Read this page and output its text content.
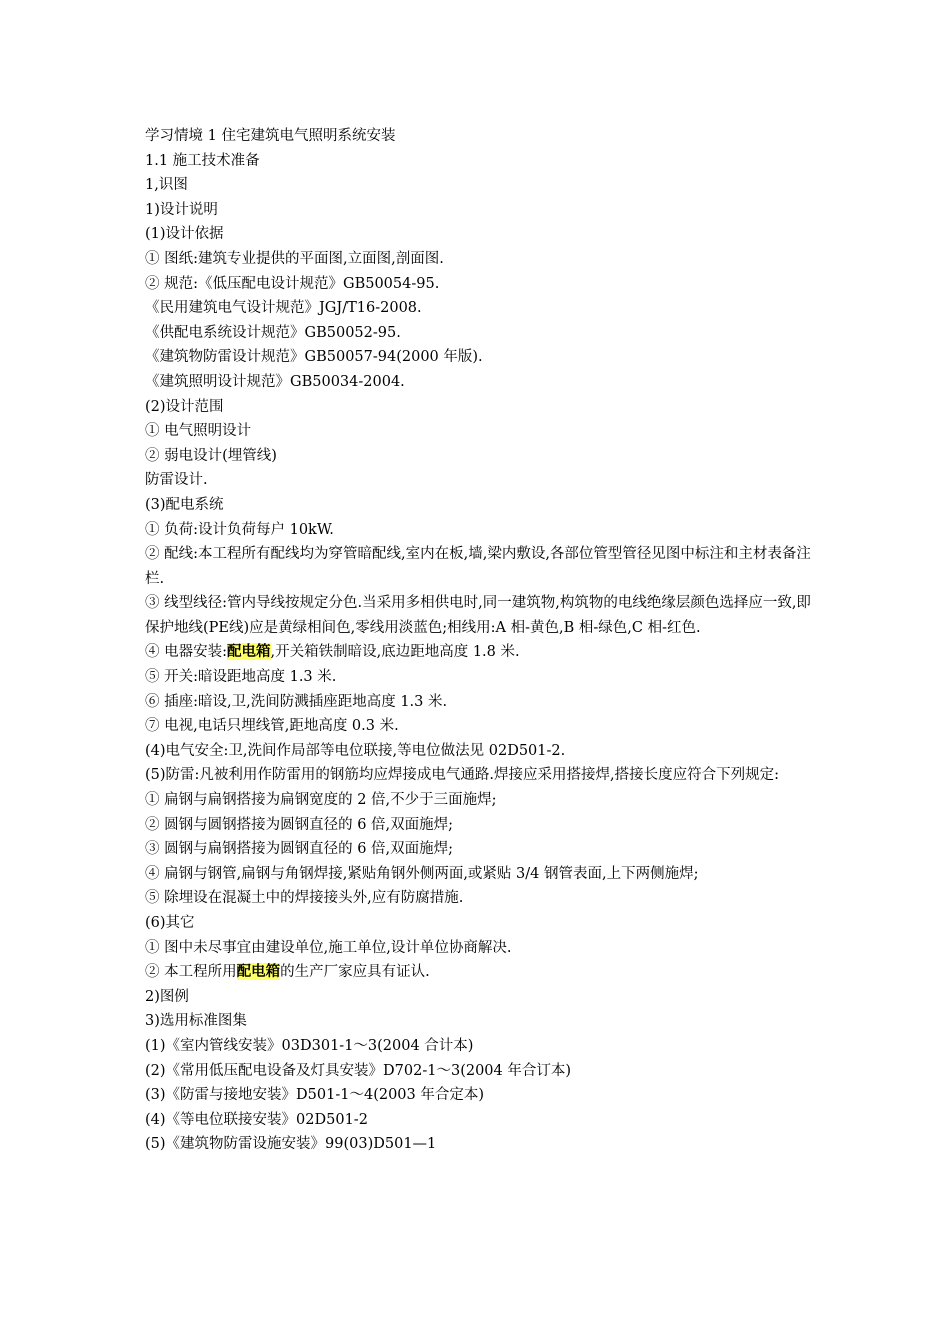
学习情境 1 住宅建筑电气照明系统安装
1.1 施工技术准备
1,识图
1)设计说明
(1)设计依据
① 图纸:建筑专业提供的平面图,立面图,剖面图.
② 规范:《低压配电设计规范》GB50054-95.
《民用建筑电气设计规范》JGJ/T16-2008.
《供配电系统设计规范》GB50052-95.
《建筑物防雷设计规范》GB50057-94(2000 年版).
《建筑照明设计规范》GB50034-2004.
(2)设计范围
① 电气照明设计
② 弱电设计(埋管线)
防雷设计.
(3)配电系统
① 负荷:设计负荷每户 10kW.
② 配线:本工程所有配线均为穿管暗配线,室内在板,墙,梁内敷设,各部位管型管径见图中标注和主材表备注栏.
③ 线型线径:管内导线按规定分色.当采用多相供电时,同一建筑物,构筑物的电线绝缘层颜色选择应一致,即保护地线(PE线)应是黄绿相间色,零线用淡蓝色;相线用:A 相-黄色,B 相-绿色,C 相-红色.
④ 电器安装:配电箱,开关箱铁制暗设,底边距地高度 1.8 米.
⑤ 开关:暗设距地高度 1.3 米.
⑥ 插座:暗设,卫,洗间防溅插座距地高度 1.3 米.
⑦ 电视,电话只埋线管,距地高度 0.3 米.
(4)电气安全:卫,洗间作局部等电位联接,等电位做法见 02D501-2.
(5)防雷:凡被利用作防雷用的钢筋均应焊接成电气通路.焊接应采用搭接焊,搭接长度应符合下列规定:
① 扁钢与扁钢搭接为扁钢宽度的 2 倍,不少于三面施焊;
② 圆钢与圆钢搭接为圆钢直径的 6 倍,双面施焊;
③ 圆钢与扁钢搭接为圆钢直径的 6 倍,双面施焊;
④ 扁钢与钢管,扁钢与角钢焊接,紧贴角钢外侧两面,或紧贴 3/4 钢管表面,上下两侧施焊;
⑤ 除埋设在混凝土中的焊接接头外,应有防腐措施.
(6)其它
① 图中未尽事宜由建设单位,施工单位,设计单位协商解决.
② 本工程所用配电箱的生产厂家应具有证认.
2)图例
3)选用标准图集
(1)《室内管线安装》03D301-1～3(2004 合计本)
(2)《常用低压配电设备及灯具安装》D702-1～3(2004 年合订本)
(3)《防雷与接地安装》D501-1～4(2003 年合定本)
(4)《等电位联接安装》02D501-2
(5)《建筑物防雷设施安装》99(03)D501—1
